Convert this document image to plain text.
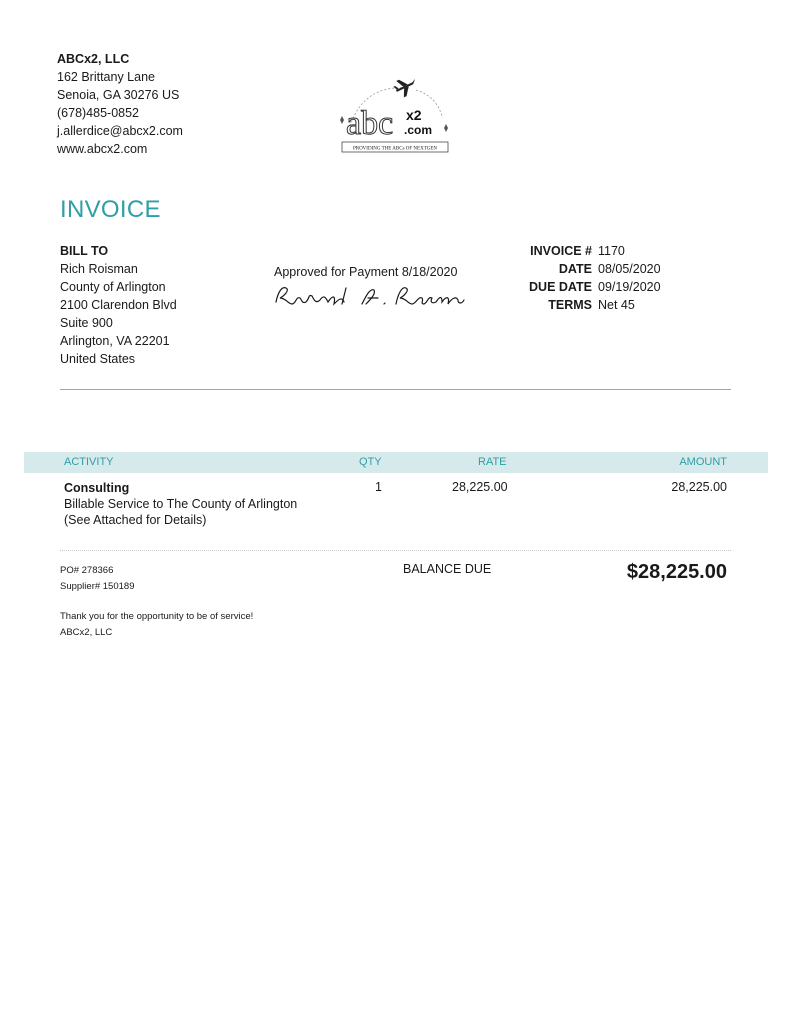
ABCx2, LLC
162 Brittany Lane
Senoia, GA 30276 US
(678)485-0852
j.allerdice@abcx2.com
www.abcx2.com
abc x2
.com
PROVIDING THE ABCs OF NEXTGEN
INVOICE
BILL TO
Rich Roisman
County of Arlington
2100 Clarendon Blvd
Suite 900
Arlington, VA 22201
United States
Approved for Payment 8/18/2020
INVOICE # 1170
DATE 08/05/2020
DUE DATE 09/19/2020
TERMS Net 45
ACTIVITY	QTY	RATE	AMOUNT
Consulting
Billable Service to The County of Arlington
(See Attached for Details)
1	28,225.00	28,225.00
PO# 278366
Supplier# 150189
BALANCE DUE	$28,225.00
Thank you for the opportunity to be of service!
ABCx2, LLC
